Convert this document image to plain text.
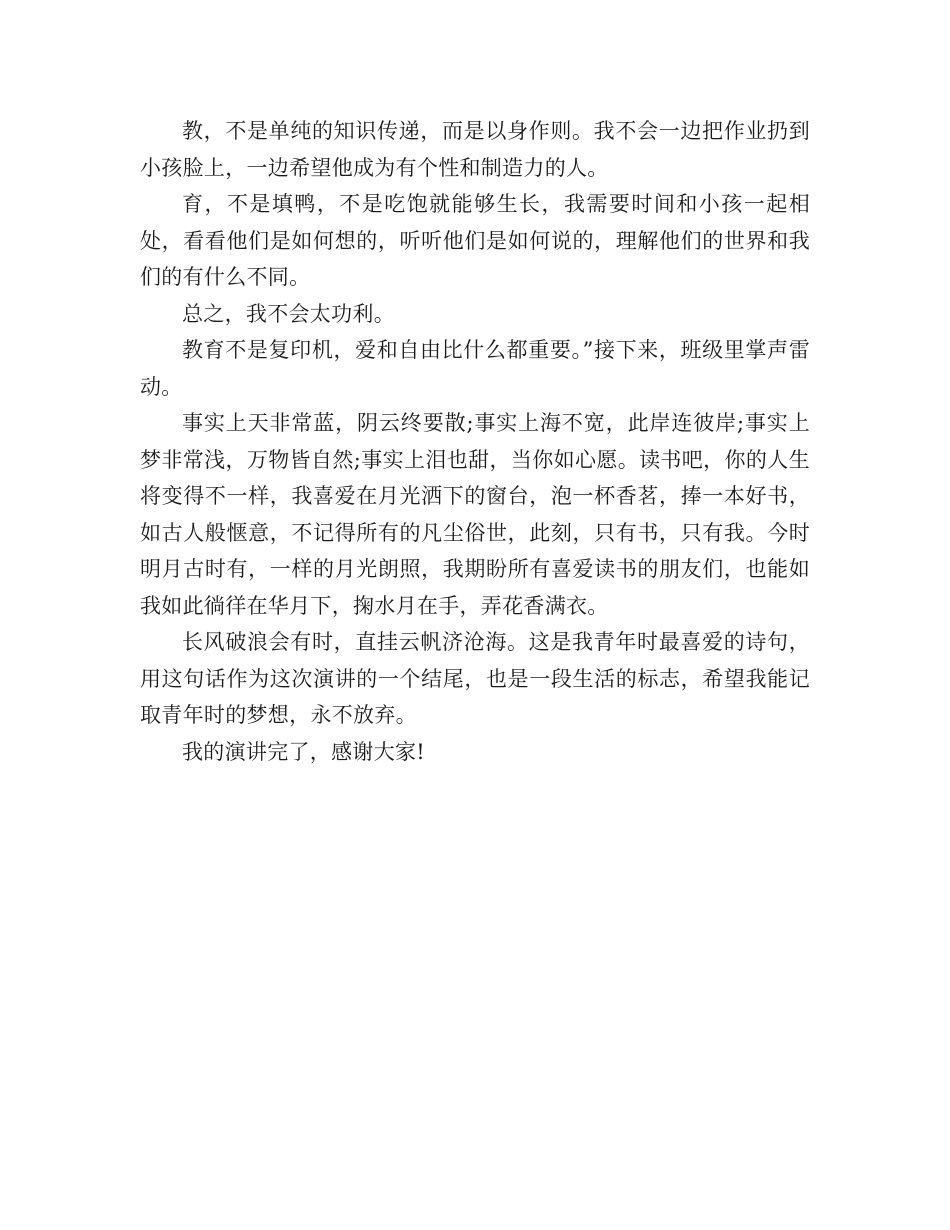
教，不是单纯的知识传递，而是以身作则。我不会一边把作业扔到小孩脸上，一边希望他成为有个性和制造力的人。

育，不是填鸭，不是吃饱就能够生长，我需要时间和小孩一起相处，看看他们是如何想的，听听他们是如何说的，理解他们的世界和我们的有什么不同。

总之，我不会太功利。

教育不是复印机，爱和自由比什么都重要。”接下来，班级里掌声雷动。

事实上天非常蓝，阴云终要散;事实上海不宽，此岸连彼岸;事实上梦非常浅，万物皆自然;事实上泪也甜，当你如心愿。读书吧，你的人生将变得不一样，我喜爱在月光洒下的窗台，泡一杯香茗，捧一本好书，如古人般惬意，不记得所有的凡尘俗世，此刻，只有书，只有我。今时明月古时有，一样的月光朗照，我期盼所有喜爱读书的朋友们，也能如我如此徜徉在华月下，掬水月在手，弄花香满衣。

长风破浪会有时，直挂云帆济沧海。这是我青年时最喜爱的诗句，用这句话作为这次演讲的一个结尾，也是一段生活的标志，希望我能记取青年时的梦想，永不放弃。

我的演讲完了，感谢大家!
